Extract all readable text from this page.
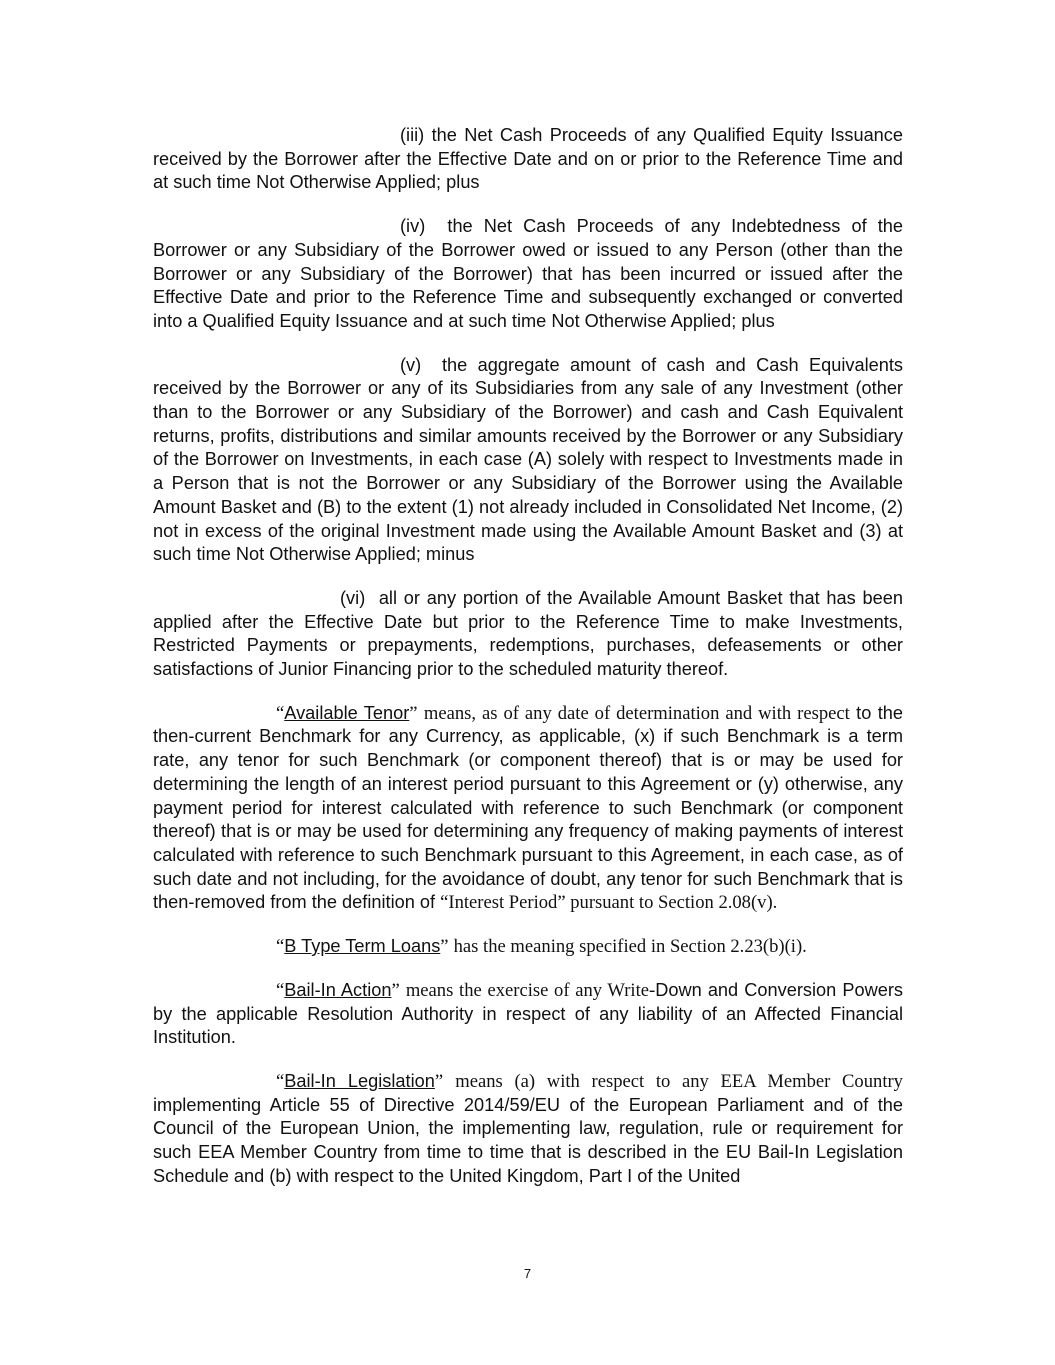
(iii) the Net Cash Proceeds of any Qualified Equity Issuance received by the Borrower after the Effective Date and on or prior to the Reference Time and at such time Not Otherwise Applied; plus

(iv) the Net Cash Proceeds of any Indebtedness of the Borrower or any Subsidiary of the Borrower owed or issued to any Person (other than the Borrower or any Subsidiary of the Borrower) that has been incurred or issued after the Effective Date and prior to the Reference Time and subsequently exchanged or converted into a Qualified Equity Issuance and at such time Not Otherwise Applied; plus

(v) the aggregate amount of cash and Cash Equivalents received by the Borrower or any of its Subsidiaries from any sale of any Investment (other than to the Borrower or any Subsidiary of the Borrower) and cash and Cash Equivalent returns, profits, distributions and similar amounts received by the Borrower or any Subsidiary of the Borrower on Investments, in each case (A) solely with respect to Investments made in a Person that is not the Borrower or any Subsidiary of the Borrower using the Available Amount Basket and (B) to the extent (1) not already included in Consolidated Net Income, (2) not in excess of the original Investment made using the Available Amount Basket and (3) at such time Not Otherwise Applied; minus

(vi) all or any portion of the Available Amount Basket that has been applied after the Effective Date but prior to the Reference Time to make Investments, Restricted Payments or prepayments, redemptions, purchases, defeasements or other satisfactions of Junior Financing prior to the scheduled maturity thereof.

“Available Tenor” means, as of any date of determination and with respect to the then-current Benchmark for any Currency, as applicable, (x) if such Benchmark is a term rate, any tenor for such Benchmark (or component thereof) that is or may be used for determining the length of an interest period pursuant to this Agreement or (y) otherwise, any payment period for interest calculated with reference to such Benchmark (or component thereof) that is or may be used for determining any frequency of making payments of interest calculated with reference to such Benchmark pursuant to this Agreement, in each case, as of such date and not including, for the avoidance of doubt, any tenor for such Benchmark that is then-removed from the definition of “Interest Period” pursuant to Section 2.08(v).

“B Type Term Loans” has the meaning specified in Section 2.23(b)(i).

“Bail-In Action” means the exercise of any Write-Down and Conversion Powers by the applicable Resolution Authority in respect of any liability of an Affected Financial Institution.

“Bail-In Legislation” means (a) with respect to any EEA Member Country implementing Article 55 of Directive 2014/59/EU of the European Parliament and of the Council of the European Union, the implementing law, regulation, rule or requirement for such EEA Member Country from time to time that is described in the EU Bail-In Legislation Schedule and (b) with respect to the United Kingdom, Part I of the United

7
